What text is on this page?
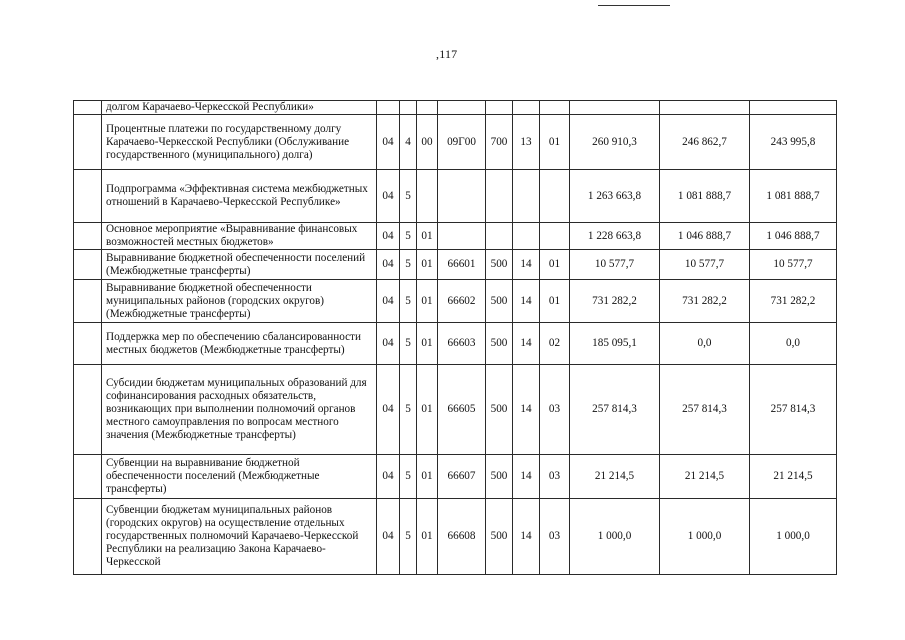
,117
	долгом Карачаево-Черкесской Республики»										
	Процентные платежи по государственному долгу Карачаево-Черкесской Республики (Обслуживание государственного (муниципального) долга)	04	4	00	09Г00	700	13	01	260 910,3	246 862,7	243 995,8
	Подпрограмма «Эффективная система межбюджетных отношений в Карачаево-Черкесской Республике»	04	5						1 263 663,8	1 081 888,7	1 081 888,7
	Основное мероприятие «Выравнивание финансовых возможностей местных бюджетов»	04	5	01					1 228 663,8	1 046 888,7	1 046 888,7
	Выравнивание бюджетной обеспеченности поселений (Межбюджетные трансферты)	04	5	01	66601	500	14	01	10 577,7	10 577,7	10 577,7
	Выравнивание бюджетной обеспеченности муниципальных районов (городских округов) (Межбюджетные трансферты)	04	5	01	66602	500	14	01	731 282,2	731 282,2	731 282,2
	Поддержка мер по обеспечению сбалансированности местных бюджетов (Межбюджетные трансферты)	04	5	01	66603	500	14	02	185 095,1	0,0	0,0
	Субсидии бюджетам муниципальных образований для софинансирования расходных обязательств, возникающих при выполнении полномочий органов местного самоуправления по вопросам местного значения (Межбюджетные трансферты)	04	5	01	66605	500	14	03	257 814,3	257 814,3	257 814,3
	Субвенции на выравнивание бюджетной обеспеченности поселений (Межбюджетные трансферты)	04	5	01	66607	500	14	03	21 214,5	21 214,5	21 214,5
	Субвенции бюджетам муниципальных районов (городских округов) на осуществление отдельных государственных полномочий Карачаево-Черкесской Республики на реализацию Закона Карачаево-Черкесской	04	5	01	66608	500	14	03	1 000,0	1 000,0	1 000,0
